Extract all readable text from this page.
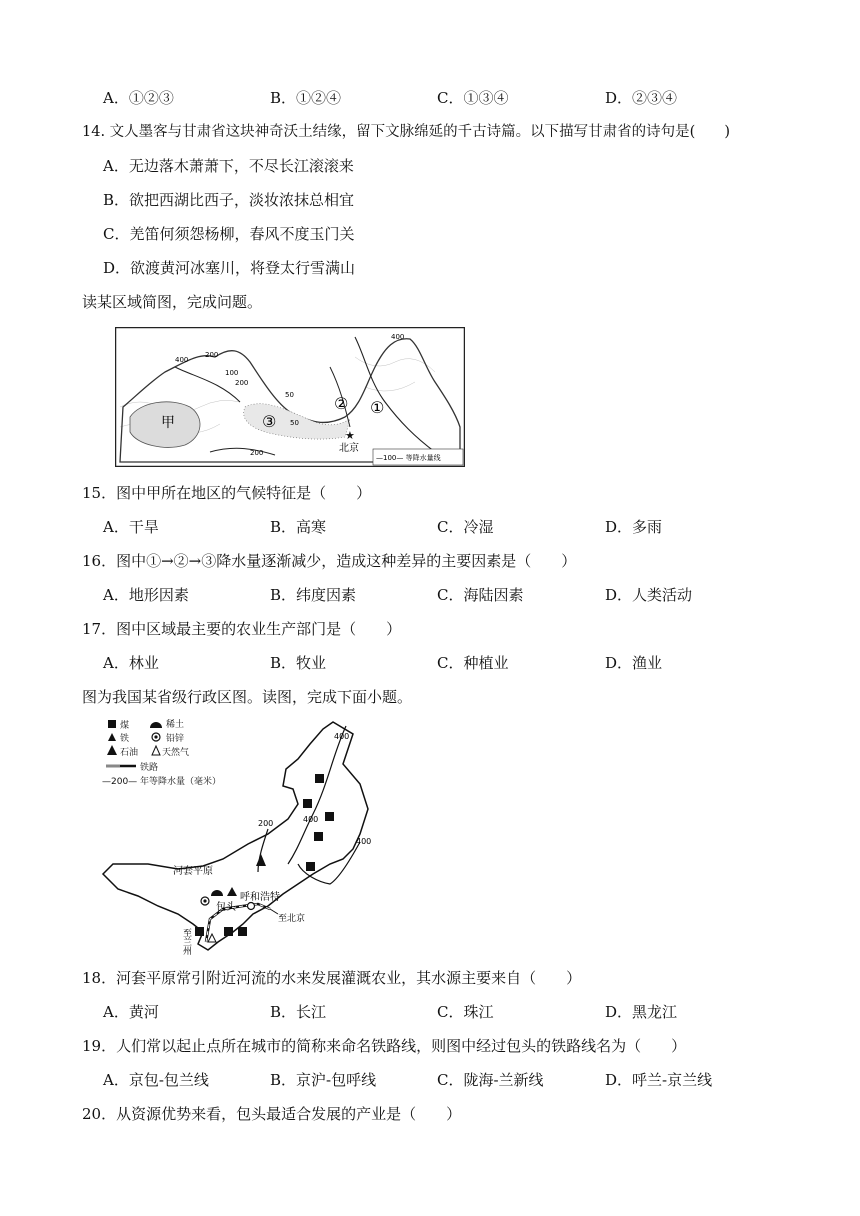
A．①②③	B．①②④	C．①③④	D．②③④
14. 文人墨客与甘肃省这块神奇沃土结缘，留下文脉绵延的千古诗篇。以下描写甘肃省的诗句是(　　)
A．无边落木萧萧下，不尽长江滚滚来
B．欲把西湖比西子，淡妆浓抹总相宜
C．羌笛何须怨杨柳，春风不度玉门关
D．欲渡黄河冰塞川，将登太行雪满山
读某区域简图，完成问题。
①
②
③
甲
★
北京
400
400
200
200
100
50
50
200
—100— 等降水量线
15．图中甲所在地区的气候特征是（　　）
A．干旱	B．高寒	C．冷湿	D．多雨
16．图中①→②→③降水量逐渐减少，造成这种差异的主要因素是（　　）
A．地形因素	B．纬度因素	C．海陆因素	D．人类活动
17．图中区域最主要的农业生产部门是（　　）
A．林业	B．牧业	C．种植业	D．渔业
图为我国某省级行政区图。读图，完成下面小题。
煤	稀土
铁	铅锌
石油	天然气
铁路
—200— 年等降水量（毫米）
400
400
400
200
河套平原
包头
呼和浩特
至北京
至兰州
18．河套平原常引附近河流的水来发展灌溉农业，其水源主要来自（　　）
A．黄河	B．长江	C．珠江	D．黑龙江
19．人们常以起止点所在城市的简称来命名铁路线，则图中经过包头的铁路线名为（　　）
A．京包-包兰线	B．京沪-包呼线	C．陇海-兰新线	D．呼兰-京兰线
20．从资源优势来看，包头最适合发展的产业是（　　）
